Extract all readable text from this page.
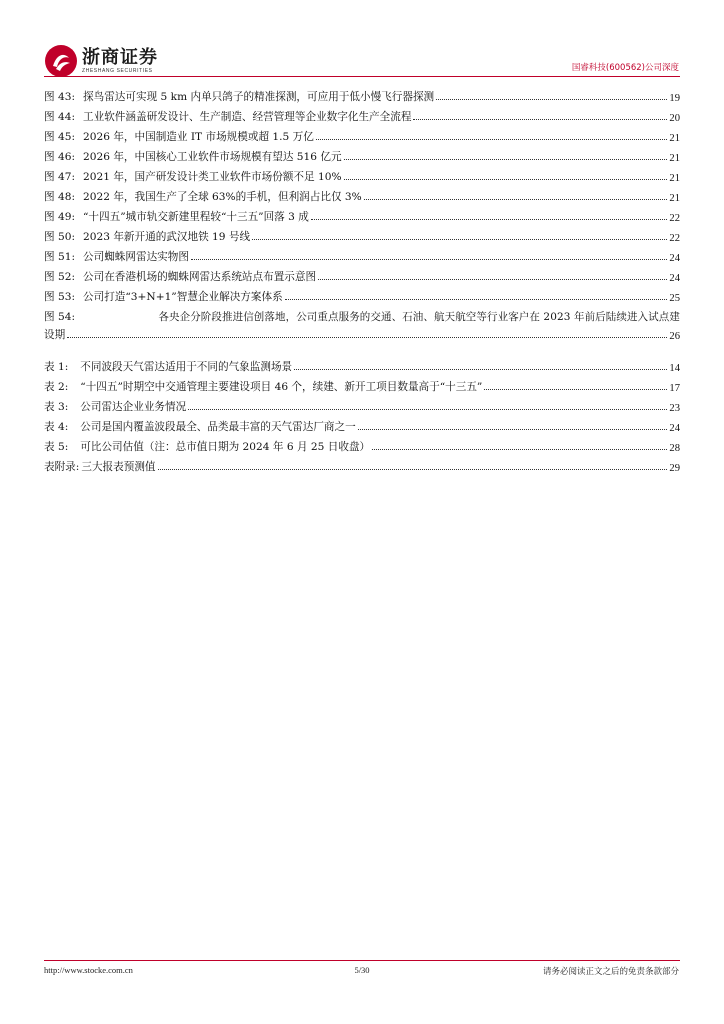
浙商证券
ZHESHANG SECURITIES	国睿科技(600562)公司深度
图 43: 探鸟雷达可实现 5 km 内单只鸽子的精准探测，可应用于低小慢飞行器探测	19
图 44: 工业软件涵盖研发设计、生产制造、经营管理等企业数字化生产全流程	20
图 45: 2026 年，中国制造业 IT 市场规模或超 1.5 万亿	21
图 46: 2026 年，中国核心工业软件市场规模有望达 516 亿元	21
图 47: 2021 年，国产研发设计类工业软件市场份额不足 10%	21
图 48: 2022 年，我国生产了全球 63%的手机，但利润占比仅 3%	21
图 49: “十四五”城市轨交新建里程较“十三五”回落 3 成	22
图 50: 2023 年新开通的武汉地铁 19 号线	22
图 51: 公司蜘蛛网雷达实物图	24
图 52: 公司在香港机场的蜘蛛网雷达系统站点布置示意图	24
图 53: 公司打造“3+N+1”智慧企业解决方案体系	25
图 54:	各央企分阶段推进信创落地，公司重点服务的交通、石油、航天航空等行业客户在 2023 年前后陆续进入试点建
设期	26
表 1:	不同波段天气雷达适用于不同的气象监测场景	14
表 2:	“十四五”时期空中交通管理主要建设项目 46 个，续建、新开工项目数量高于“十三五”	17
表 3:	公司雷达企业业务情况	23
表 4:	公司是国内覆盖波段最全、品类最丰富的天气雷达厂商之一	24
表 5:	可比公司估值（注：总市值日期为 2024 年 6 月 25 日收盘）	28
表附录: 三大报表预测值	29
5/30
http://www.stocke.com.cn	请务必阅读正文之后的免责条款部分
